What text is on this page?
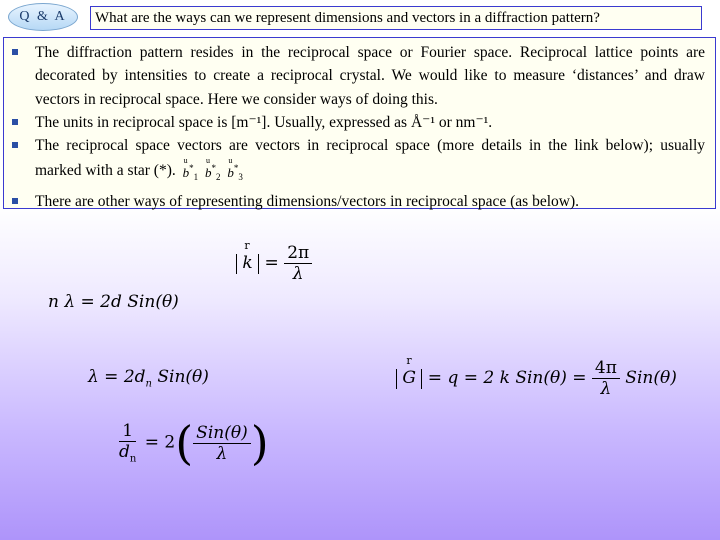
Q & A	What are the ways can we represent dimensions and vectors in a diffraction pattern?
The diffraction pattern resides in the reciprocal space or Fourier space. Reciprocal lattice points are decorated by intensities to create a reciprocal crystal. We would like to measure ‘distances’ and draw vectors in reciprocal space. Here we consider ways of doing this.
The units in reciprocal space is [m⁻¹]. Usually, expressed as Å⁻¹ or nm⁻¹.
The reciprocal space vectors are vectors in reciprocal space (more details in the link below); usually marked with a star (*).
u
$b^*_1$
u
$b^*_2$
u
$b^*_3$
There are other ways of representing dimensions/vectors in reciprocal space (as below).

r
$k = \frac{2\pi}{\lambda}$
n λ = 2d Sin(θ)
$\lambda = 2d_n$ Sin(θ)

r
G  = q = 2 k $Sin(\theta) = \frac{4\pi}{\lambda} Sin(\theta)$
$\frac{1}{d_n} = 2( \frac{\text{Sin(θ)}}{\lambda}$ )
